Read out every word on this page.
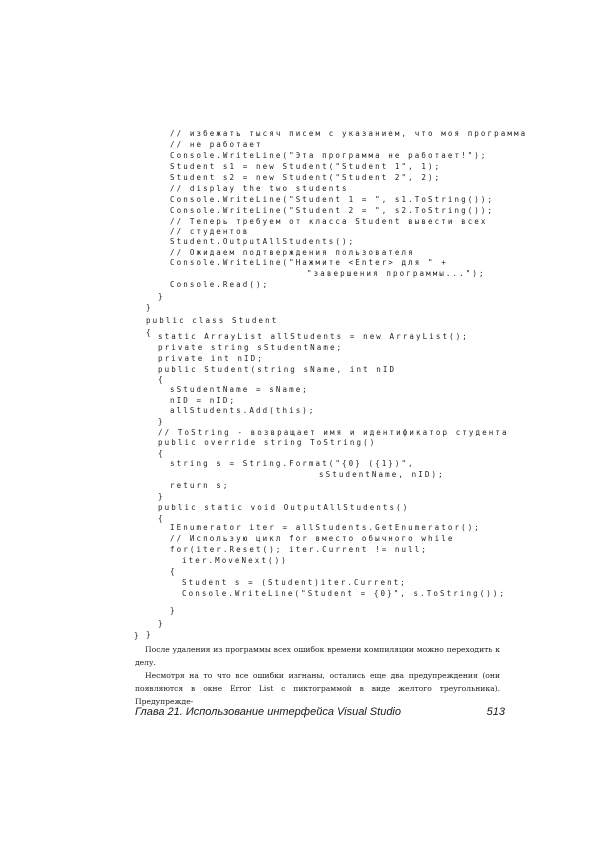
// избежать тысяч писем с указанием, что моя программа
// не работает
Console.WriteLine("Эта программа не работает!");
Student s1 = new Student("Student 1", 1);
Student s2 = new Student("Student 2", 2);
// display the two students
Console.WriteLine("Student 1 = ", s1.ToString());
Console.WriteLine("Student 2 = ", s2.ToString());
// Теперь требуем от класса Student вывести всех
// студентов
Student.OutputAllStudents();
// Ожидаем подтверждения пользователя
Console.WriteLine("Нажмите <Enter> для " +
"завершения программы...");
Console.Read();
}
}
public class Student
{ static ArrayList allStudents = new ArrayList();
private string sStudentName;
private int nID;
public Student(string sName, int nID
{
sStudentName = sName;
nID = nID;
allStudents.Add(this);
}
// ToString - возвращает имя и идентификатор студента
public override string ToString()
{
string s = String.Format("{0} ({1})",
sStudentName, nID);
return s;
}
public static void OutputAllStudents()
{
IEnumerator iter = allStudents.GetEnumerator();
// Использую цикл for вместо обычного while
for(iter.Reset(); iter.Current != null;
iter.MoveNext())
{
Student s = (Student)iter.Current;
Console.WriteLine("Student = {0}", s.ToString());
}
}
}
}
После удаления из программы всех ошибок времени компиляции можно переходить к делу.
Несмотря на то что все ошибки изгнаны, остались еще два предупреждения (они появляются в окне Error List с пиктограммой в виде желтого треугольника). Предупрежде-
Глава 21. Использование интерфейса Visual Studio	513
